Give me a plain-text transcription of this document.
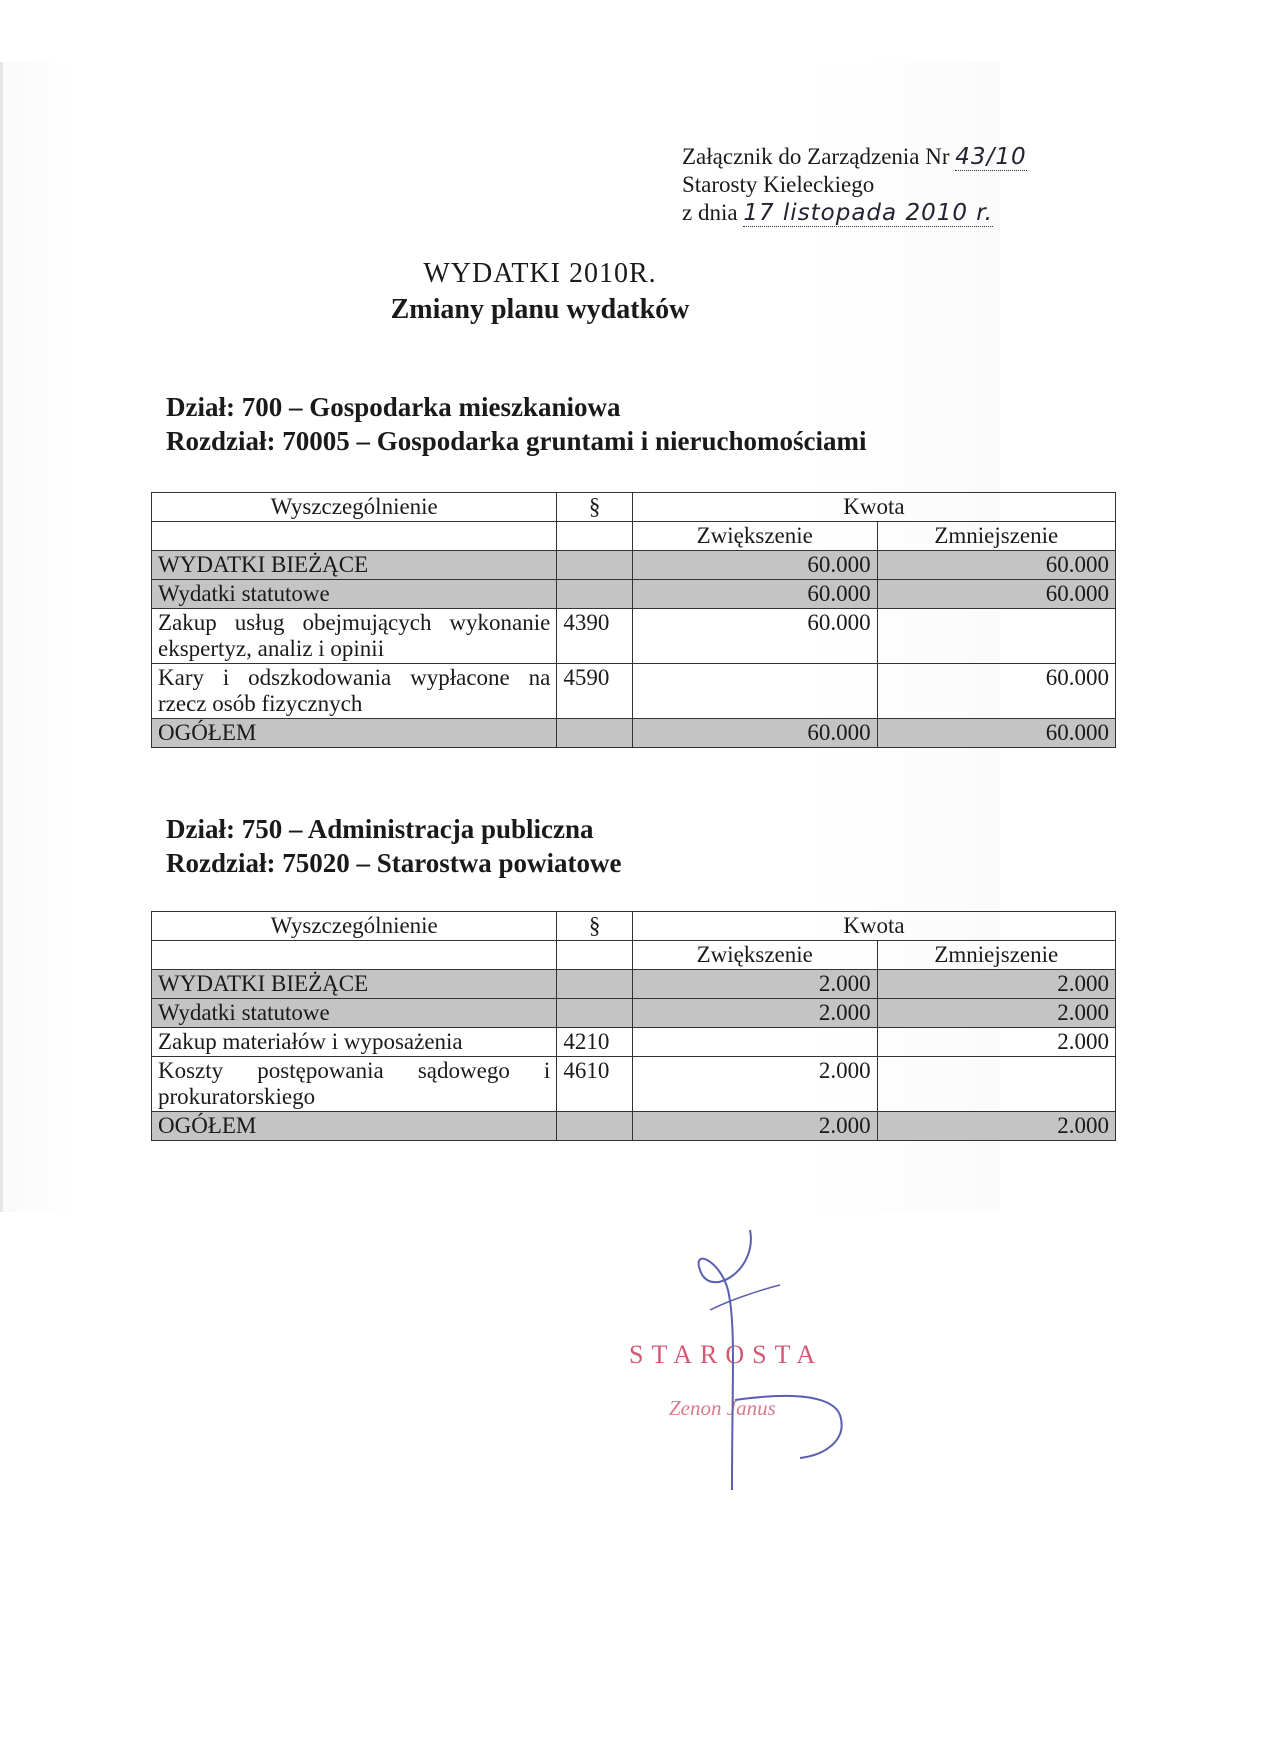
Załącznik do Zarządzenia Nr 43/10
Starosty Kieleckiego
z dnia 17 listopada 2010 r.
WYDATKI 2010R.
Zmiany planu wydatków
Dział: 700 – Gospodarka mieszkaniowa
Rozdział: 70005 – Gospodarka gruntami i nieruchomościami
Wyszczególnienie	§	Kwota	
		Zwiększenie	Zmniejszenie
WYDATKI BIEŻĄCE		60.000	60.000
Wydatki statutowe		60.000	60.000
Zakup usług obejmujących wykonanie ekspertyz, analiz i opinii	4390	60.000	
Kary i odszkodowania wypłacone na rzecz osób fizycznych	4590		60.000
OGÓŁEM		60.000	60.000
Dział: 750 – Administracja publiczna
Rozdział: 75020 – Starostwa powiatowe
Wyszczególnienie	§	Kwota	
		Zwiększenie	Zmniejszenie
WYDATKI BIEŻĄCE		2.000	2.000
Wydatki statutowe		2.000	2.000
Zakup materiałów i wyposażenia	4210		2.000
Koszty postępowania sądowego i prokuratorskiego	4610	2.000	
OGÓŁEM		2.000	2.000
STAROSTA
Zenon Janus
